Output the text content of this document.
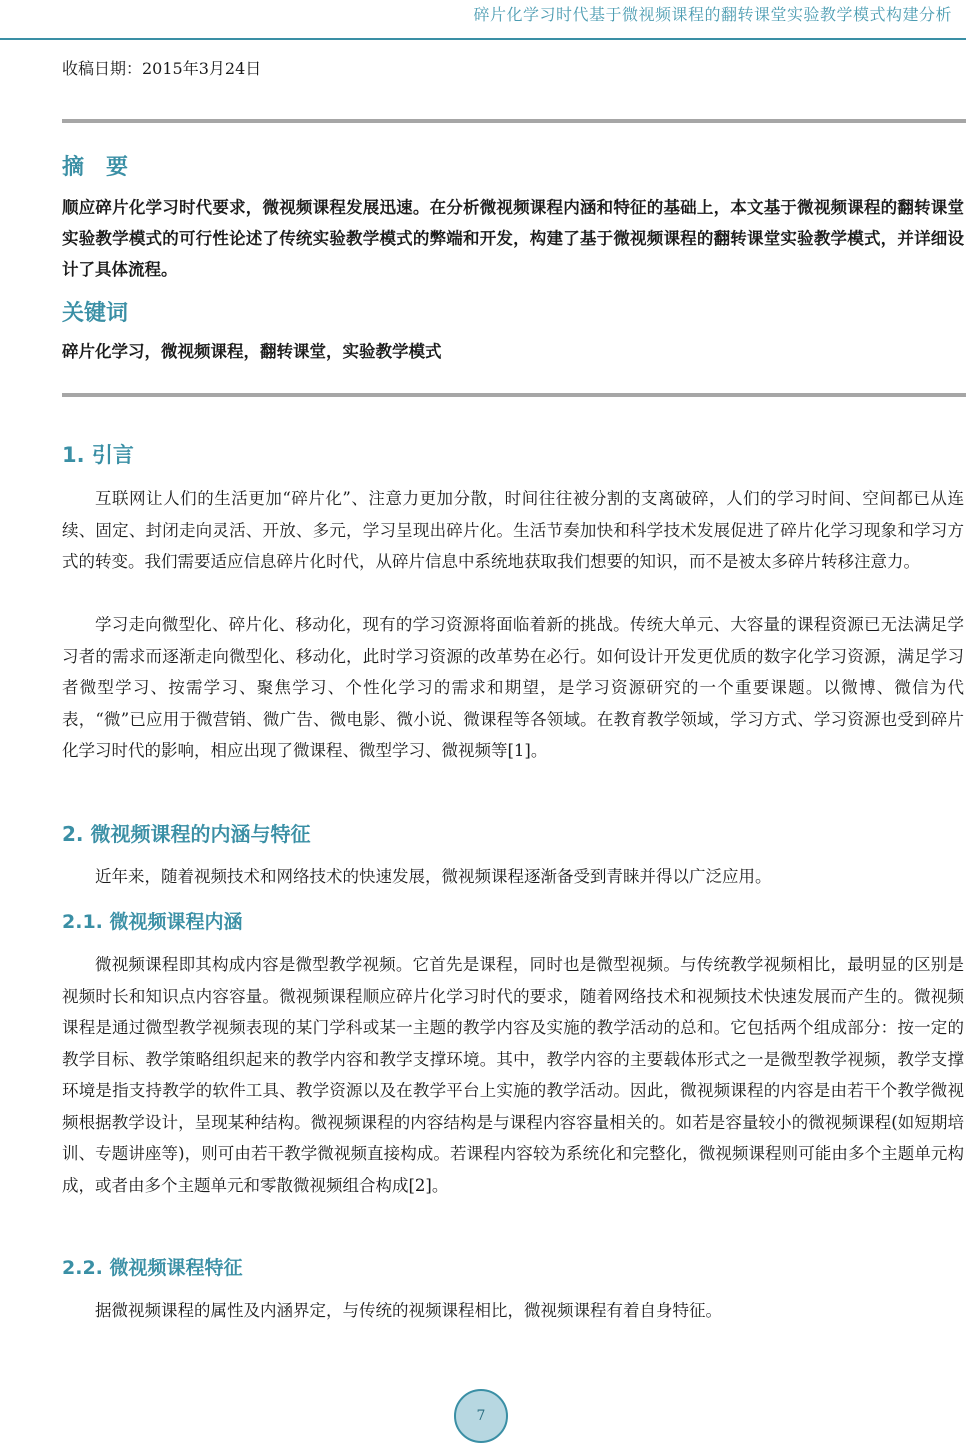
碎片化学习时代基于微视频课程的翻转课堂实验教学模式构建分析
收稿日期：2015年3月24日
摘　要
顺应碎片化学习时代要求，微视频课程发展迅速。在分析微视频课程内涵和特征的基础上，本文基于微视频课程的翻转课堂实验教学模式的可行性论述了传统实验教学模式的弊端和开发，构建了基于微视频课程的翻转课堂实验教学模式，并详细设计了具体流程。
关键词
碎片化学习，微视频课程，翻转课堂，实验教学模式
1. 引言

互联网让人们的生活更加“碎片化”、注意力更加分散，时间往往被分割的支离破碎，人们的学习时间、空间都已从连续、固定、封闭走向灵活、开放、多元，学习呈现出碎片化。生活节奏加快和科学技术发展促进了碎片化学习现象和学习方式的转变。我们需要适应信息碎片化时代，从碎片信息中系统地获取我们想要的知识，而不是被太多碎片转移注意力。

学习走向微型化、碎片化、移动化，现有的学习资源将面临着新的挑战。传统大单元、大容量的课程资源已无法满足学习者的需求而逐渐走向微型化、移动化，此时学习资源的改革势在必行。如何设计开发更优质的数字化学习资源，满足学习者微型学习、按需学习、聚焦学习、个性化学习的需求和期望，是学习资源研究的一个重要课题。以微博、微信为代表，“微”已应用于微营销、微广告、微电影、微小说、微课程等各领域。在教育教学领域，学习方式、学习资源也受到碎片化学习时代的影响，相应出现了微课程、微型学习、微视频等[1]。

2. 微视频课程的内涵与特征

近年来，随着视频技术和网络技术的快速发展，微视频课程逐渐备受到青睐并得以广泛应用。

2.1. 微视频课程内涵

微视频课程即其构成内容是微型教学视频。它首先是课程，同时也是微型视频。与传统教学视频相比，最明显的区别是视频时长和知识点内容容量。微视频课程顺应碎片化学习时代的要求，随着网络技术和视频技术快速发展而产生的。微视频课程是通过微型教学视频表现的某门学科或某一主题的教学内容及实施的教学活动的总和。它包括两个组成部分：按一定的教学目标、教学策略组织起来的教学内容和教学支撑环境。其中，教学内容的主要载体形式之一是微型教学视频，教学支撑环境是指支持教学的软件工具、教学资源以及在教学平台上实施的教学活动。因此，微视频课程的内容是由若干个教学微视频根据教学设计，呈现某种结构。微视频课程的内容结构是与课程内容容量相关的。如若是容量较小的微视频课程(如短期培训、专题讲座等)，则可由若干教学微视频直接构成。若课程内容较为系统化和完整化，微视频课程则可能由多个主题单元构成，或者由多个主题单元和零散微视频组合构成[2]。

2.2. 微视频课程特征

据微视频课程的属性及内涵界定，与传统的视频课程相比，微视频课程有着自身特征。

7
